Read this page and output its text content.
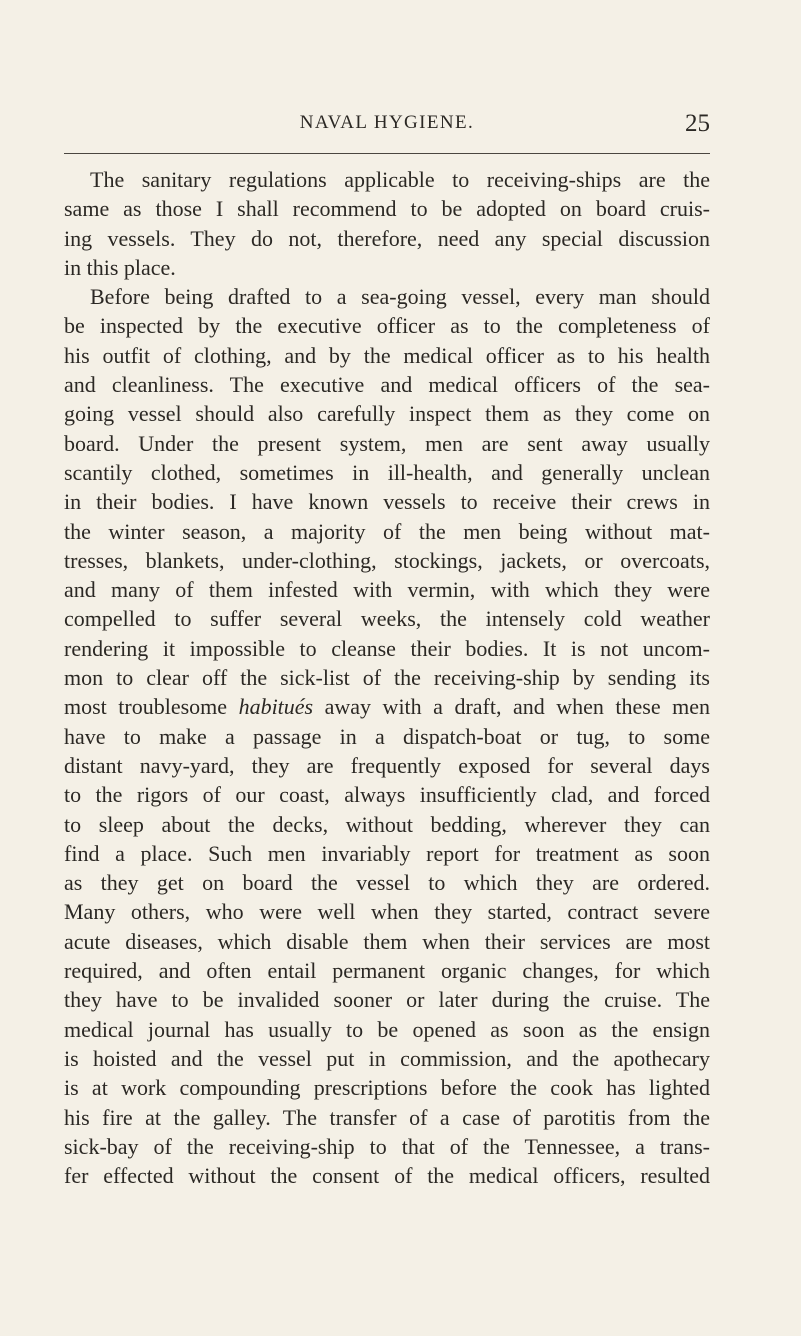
NAVAL HYGIENE.	25

The sanitary regulations applicable to receiving-ships are the
same as those I shall recommend to be adopted on board cruis-
ing vessels. They do not, therefore, need any special discussion
in this place.

Before being drafted to a sea-going vessel, every man should
be inspected by the executive officer as to the completeness of
his outfit of clothing, and by the medical officer as to his health
and cleanliness. The executive and medical officers of the sea-
going vessel should also carefully inspect them as they come on
board. Under the present system, men are sent away usually
scantily clothed, sometimes in ill-health, and generally unclean
in their bodies. I have known vessels to receive their crews in
the winter season, a majority of the men being without mat-
tresses, blankets, under-clothing, stockings, jackets, or overcoats,
and many of them infested with vermin, with which they were
compelled to suffer several weeks, the intensely cold weather
rendering it impossible to cleanse their bodies. It is not uncom-
mon to clear off the sick-list of the receiving-ship by sending its
most troublesome habitués away with a draft, and when these men
have to make a passage in a dispatch-boat or tug, to some
distant navy-yard, they are frequently exposed for several days
to the rigors of our coast, always insufficiently clad, and forced
to sleep about the decks, without bedding, wherever they can
find a place. Such men invariably report for treatment as soon
as they get on board the vessel to which they are ordered.
Many others, who were well when they started, contract severe
acute diseases, which disable them when their services are most
required, and often entail permanent organic changes, for which
they have to be invalided sooner or later during the cruise. The
medical journal has usually to be opened as soon as the ensign
is hoisted and the vessel put in commission, and the apothecary
is at work compounding prescriptions before the cook has lighted
his fire at the galley. The transfer of a case of parotitis from the
sick-bay of the receiving-ship to that of the Tennessee, a trans-
fer effected without the consent of the medical officers, resulted
